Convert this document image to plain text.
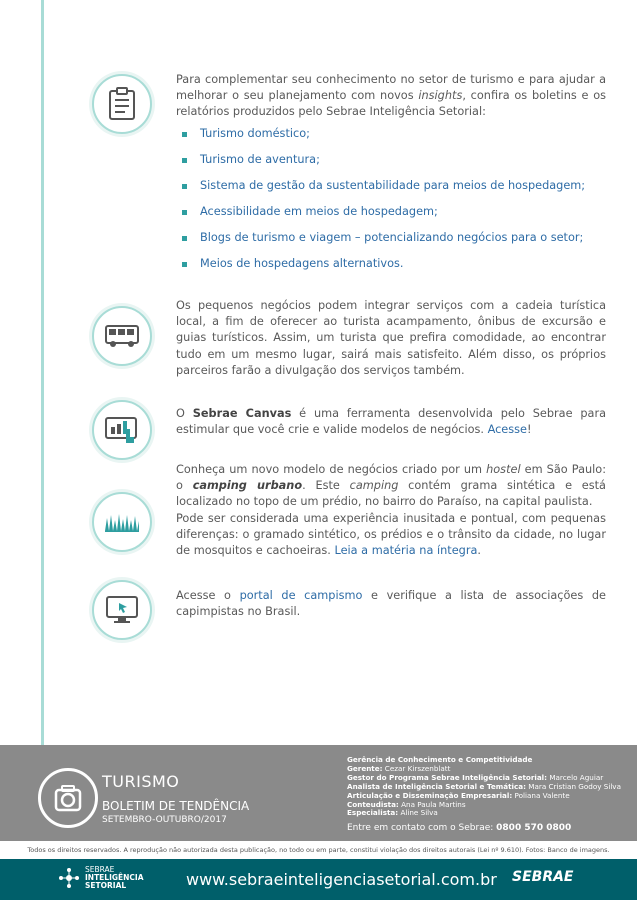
Para complementar seu conhecimento no setor de turismo e para ajudar a melhorar o seu planejamento com novos insights, confira os boletins e os relatórios produzidos pelo Sebrae Inteligência Setorial:

Turismo doméstico;
Turismo de aventura;
Sistema de gestão da sustentabilidade para meios de hospedagem;
Acessibilidade em meios de hospedagem;
Blogs de turismo e viagem – potencializando negócios para o setor;
Meios de hospedagens alternativos.

Os pequenos negócios podem integrar serviços com a cadeia turística local, a fim de oferecer ao turista acampamento, ônibus de excursão e guias turísticos. Assim, um turista que prefira comodidade, ao encontrar tudo em um mesmo lugar, sairá mais satisfeito. Além disso, os próprios parceiros farão a divulgação dos serviços também.

O Sebrae Canvas é uma ferramenta desenvolvida pelo Sebrae para estimular que você crie e valide modelos de negócios. Acesse!

Conheça um novo modelo de negócios criado por um hostel em São Paulo: o camping urbano. Este camping contém grama sintética e está localizado no topo de um prédio, no bairro do Paraíso, na capital paulista.
Pode ser considerada uma experiência inusitada e pontual, com pequenas diferenças: o gramado sintético, os prédios e o trânsito da cidade, no lugar de mosquitos e cachoeiras. Leia a matéria na íntegra.

Acesse o portal de campismo e verifique a lista de associações de capimpistas no Brasil.

TURISMO
BOLETIM DE TENDÊNCIA
SETEMBRO-OUTUBRO/2017
Gerência de Conhecimento e Competitividade
Gerente: Cezar Kirszenblatt
Gestor do Programa Sebrae Inteligência Setorial: Marcelo Aguiar
Analista de Inteligência Setorial e Temática: Mara Cristian Godoy Silva
Articulação e Disseminação Empresarial: Poliana Valente
Conteudista: Ana Paula Martins
Especialista: Aline Silva
Entre em contato com o Sebrae: 0800 570 0800
Todos os direitos reservados. A reprodução não autorizada desta publicação, no todo ou em parte, constitui violação dos direitos autorais (Lei nº 9.610). Fotos: Banco de imagens.
SEBRAE
INTELIGÊNCIA
SETORIAL	www.sebraeinteligenciasetorial.com.br SEBRAE
